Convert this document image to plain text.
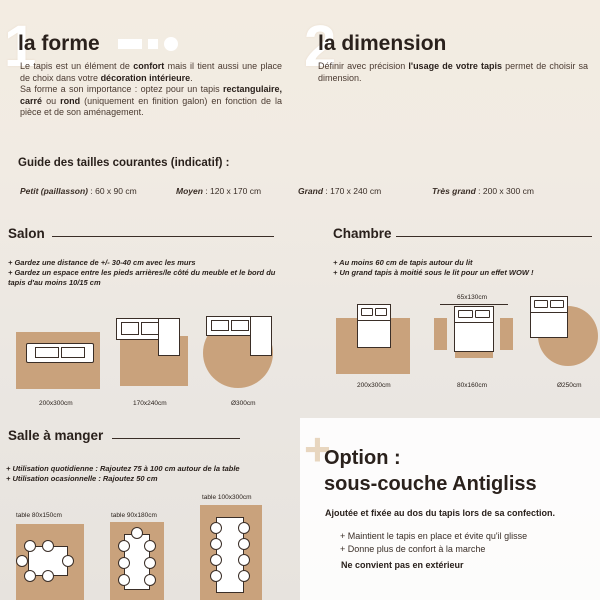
1
la forme
Le tapis est un élément de confort mais il tient aussi une place de choix dans votre décoration intérieure.
Sa forme a son importance : optez pour un tapis rectangulaire, carré ou rond (uniquement en finition galon) en fonction de la pièce et de son aménagement.
2
la dimension
Définir avec précision l'usage de votre tapis permet de choisir sa dimension.
Guide des tailles courantes (indicatif) :
Petit (paillasson) : 60 x 90 cm	Moyen : 120 x 170 cm	Grand : 170 x 240 cm	Très grand : 200 x 300 cm
Salon
+ Gardez une distance de +/- 30-40 cm avec les murs
+ Gardez un espace entre les pieds arrières/le côté du meuble et le bord du
tapis d'au moins 10/15 cm
200x300cm	170x240cm	Ø300cm
Chambre
+ Au moins 60 cm de tapis autour du lit
+ Un grand tapis à moitié sous le lit pour un effet WOW !
200x300cm
65x130cm
80x160cm	Ø250cm
Salle à manger
+ Utilisation quotidienne : Rajoutez 75 à 100 cm autour de la table
+ Utilisation ocasionnelle : Rajoutez 50 cm
table 80x150cm	table 90x180cm
table 100x300cm
+
Option :
sous-couche Antigliss
Ajoutée et fixée au dos du tapis lors de sa confection.
+ Maintient le tapis en place et évite qu'il glisse
+ Donne plus de confort à la marche
Ne convient pas en extérieur
